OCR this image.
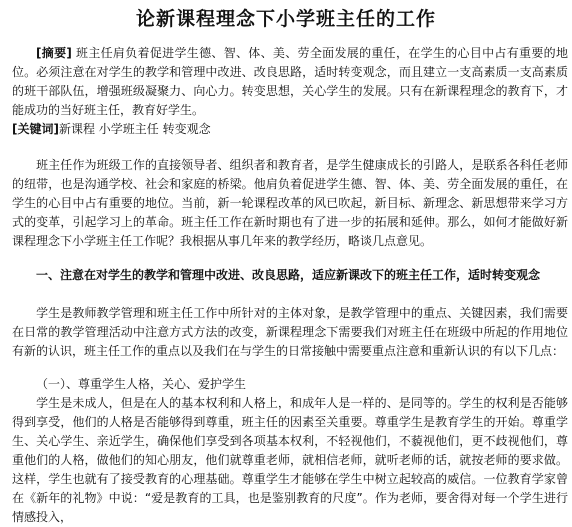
论新课程理念下小学班主任的工作
[摘要] 班主任肩负着促进学生德、智、体、美、劳全面发展的重任，在学生的心目中占有重要的地位。必须注意在对学生的教学和管理中改进、改良思路，适时转变观念，而且建立一支高素质一支高素质的班干部队伍，增强班级凝聚力、向心力。转变思想，关心学生的发展。只有在新课程理念的教育下，才能成功的当好班主任，教育好学生。
[关键词]新课程 小学班主任 转变观念
班主任作为班级工作的直接领导者、组织者和教育者，是学生健康成长的引路人，是联系各科任老师的纽带，也是沟通学校、社会和家庭的桥梁。他肩负着促进学生德、智、体、美、劳全面发展的重任，在学生的心目中占有重要的地位。当前，新一轮课程改革的风已吹起，新目标、新理念、新思想带来学习方式的变革，引起学习上的革命。班主任工作在新时期也有了进一步的拓展和延伸。那么，如何才能做好新课程理念下小学班主任工作呢？我根据从事几年来的教学经历，略谈几点意见。
一、注意在对学生的教学和管理中改进、改良思路，适应新课改下的班主任工作，适时转变观念
学生是教师教学管理和班主任工作中所针对的主体对象，是教学管理中的重点、关键因素，我们需要在日常的教学管理活动中注意方式方法的改变，新课程理念下需要我们对班主任在班级中所起的作用地位有新的认识，班主任工作的重点以及我们在与学生的日常接触中需要重点注意和重新认识的有以下几点：
（一）、尊重学生人格，关心、爱护学生
学生是未成人，但是在人的基本权利和人格上，和成年人是一样的、是同等的。学生的权利是否能够得到享受，他们的人格是否能够得到尊重，班主任的因素至关重要。尊重学生是教育学生的开始。尊重学生、关心学生、亲近学生，确保他们享受到各项基本权利，不轻视他们，不藐视他们，更不歧视他们，尊重他们的人格，做他们的知心朋友，他们就尊重老师，就相信老师，就听老师的话，就按老师的要求做。这样，学生也就有了接受教育的心理基础。尊重学生才能够在学生中树立起较高的威信。一位教育学家曾在《新年的礼物》中说：“爱是教育的工具，也是鉴别教育的尺度”。作为老师，要舍得对每一个学生进行情感投入，
